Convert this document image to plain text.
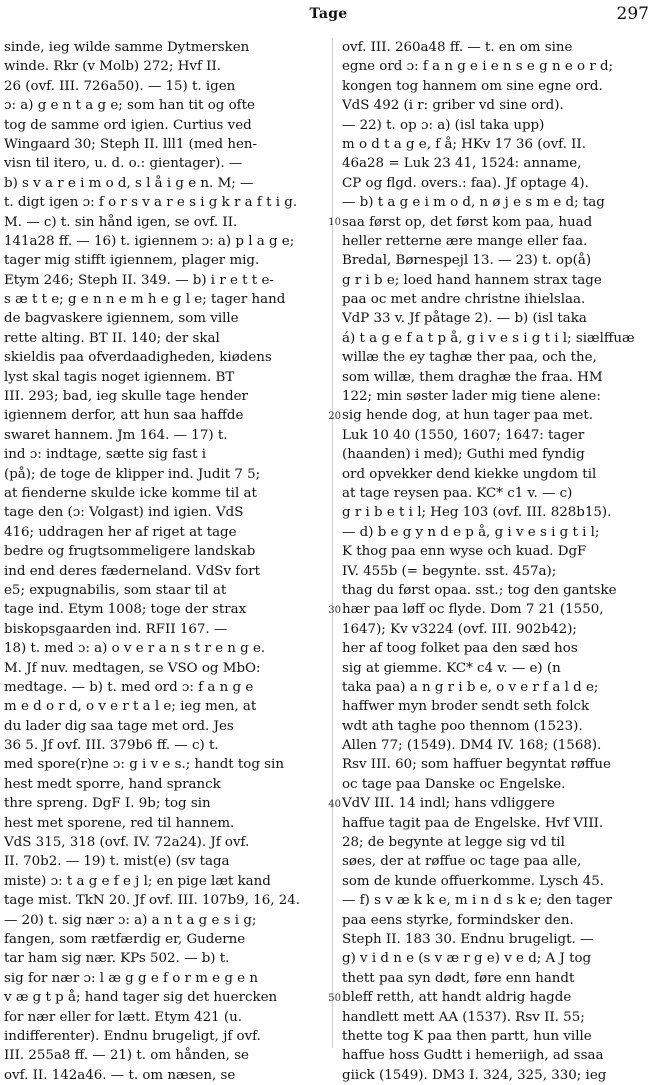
Tage	297
sinde, ieg wilde samme Dytmersken
winde. Rkr (v Molb) 272; Hvf II.
26 (ovf. III. 726a50). — 15) t. igen
ɔ: a) g e n t a g e; som han tit og ofte
tog de samme ord igien. Curtius ved
Wingaard 30; Steph II. lll1 (med hen-
visn til itero, u. d. o.: gientager). —
b) s v a r e i m o d, s l å i g e n. M; —
t. digt igen ɔ: f o r s v a r e s i g k r a f t i g.
M. — c) t. sin hånd igen, se ovf. II.
141a28 ff. — 16) t. igiennem ɔ: a) p l a g e;
tager mig stifft igiennem, plager mig.
Etym 246; Steph II. 349. — b) i r e t t e-
s æ t t e; g e n n e m h e g l e; tager hand
de bagvaskere igiennem, som ville
rette alting. BT II. 140; der skal
skieldis paa ofverdaadigheden, kiødens
lyst skal tagis noget igiennem. BT
III. 293; bad, ieg skulle tage hender
igiennem derfor, att hun saa haffde
swaret hannem. Jm 164. — 17) t.
ind ɔ: indtage, sætte sig fast i
(på); de toge de klipper ind. Judit 7 5;
at fienderne skulde icke komme til at
tage den (ɔ: Volgast) ind igien. VdS
416; uddragen her af riget at tage
bedre og frugtsommeligere landskab
ind end deres fæderneland. VdSv fort
e5; expugnabilis, som staar til at
tage ind. Etym 1008; toge der strax
biskopsgaarden ind. RFII 167. —
18) t. med ɔ: a) o v e r a n s t r e n g e.
M. Jf nuv. medtagen, se VSO og MbO:
medtage. — b) t. med ord ɔ: f a n g e
m e d o r d, o v e r t a l e; ieg men, at
du lader dig saa tage met ord. Jes
36 5. Jf ovf. III. 379b6 ff. — c) t.
med spore(r)ne ɔ: g i v e s.; handt tog sin
hest medt sporre, hand spranck
thre spreng. DgF I. 9b; tog sin
hest met sporene, red til hannem.
VdS 315, 318 (ovf. IV. 72a24). Jf ovf.
II. 70b2. — 19) t. mist(e) (sv taga
miste) ɔ: t a g e f e j l; en pige læt kand
tage mist. TkN 20. Jf ovf. III. 107b9, 16, 24.
— 20) t. sig nær ɔ: a) a n t a g e s i g;
fangen, som rætfærdig er, Guderne
tar ham sig nær. KPs 502. — b) t.
sig for nær ɔ: l æ g g e f o r m e g e n
v æ g t p å; hand tager sig det huercken
for nær eller for lætt. Etym 421 (u.
indifferenter). Endnu brugeligt, jf ovf.
III. 255a8 ff. — 21) t. om hånden, se
ovf. II. 142a46. — t. om næsen, se
ovf. III. 260a48 ff. — t. en om sine
egne ord ɔ: f a n g e i e n s e g n e o r d;
kongen tog hannem om sine egne ord.
VdS 492 (i r: griber vd sine ord).
— 22) t. op ɔ: a) (isl taka upp)
m o d t a g e, f å; HKv 17 36 (ovf. II.
46a28 = Luk 23 41, 1524: anname,
CP og flgd. overs.: faa). Jf optage 4).
— b) t a g e i m o d, n ø j e s m e d; tag
saa først op, det først kom paa, huad
heller retterne ære mange eller faa.
Bredal, Børnespejl 13. — 23) t. op(å)
g r i b e; loed hand hannem strax tage
paa oc met andre christne ihielslaa.
VdP 33 v. Jf påtage 2). — b) (isl taka
á) t a g e f a t p å, g i v e s i g t i l; siælffuæ
willæ the ey taghæ ther paa, och the,
som willæ, them draghæ the fraa. HM
122; min søster lader mig tiene alene:
sig hende dog, at hun tager paa met.
Luk 10 40 (1550, 1607; 1647: tager
(haanden) i med); Guthi med fyndig
ord opvekker dend kiekke ungdom til
at tage reysen paa. KC* c1 v. — c)
g r i b e t i l; Heg 103 (ovf. III. 828b15).
— d) b e g y n d e p å, g i v e s i g t i l;
K thog paa enn wyse och kuad. DgF
IV. 455b (= begynte. sst. 457a);
thag du først opaa. sst.; tog den gantske
hær paa løff oc flyde. Dom 7 21 (1550,
1647); Kv v3224 (ovf. III. 902b42);
her af toog folket paa den sæd hos
sig at giemme. KC* c4 v. — e) (n
taka paa) a n g r i b e, o v e r f a l d e;
haffwer myn broder sendt seth folck
wdt ath taghe poo thennom (1523).
Allen 77; (1549). DM4 IV. 168; (1568).
Rsv III. 60; som haffuer begyntat røffue
oc tage paa Danske oc Engelske.
VdV III. 14 indl; hans vdliggere
haffue tagit paa de Engelske. Hvf VIII.
28; de begynte at legge sig vd til
søes, der at røffue oc tage paa alle,
som de kunde offuerkomme. Lysch 45.
— f) s v æ k k e, m i n d s k e; den tager
paa eens styrke, formindsker den.
Steph II. 183 30. Endnu brugeligt. —
g) v i d n e (s v æ r g e) v e d; A J tog
thett paa syn dødt, føre enn handt
bleff retth, att handt aldrig hagde
handlett mett AA (1537). Rsv II. 55;
thette tog K paa then partt, hun ville
haffue hoss Gudtt i hemeriigh, ad ssaa
giick (1549). DM3 I. 324, 325, 330; ieg
10
20
30
40
50
